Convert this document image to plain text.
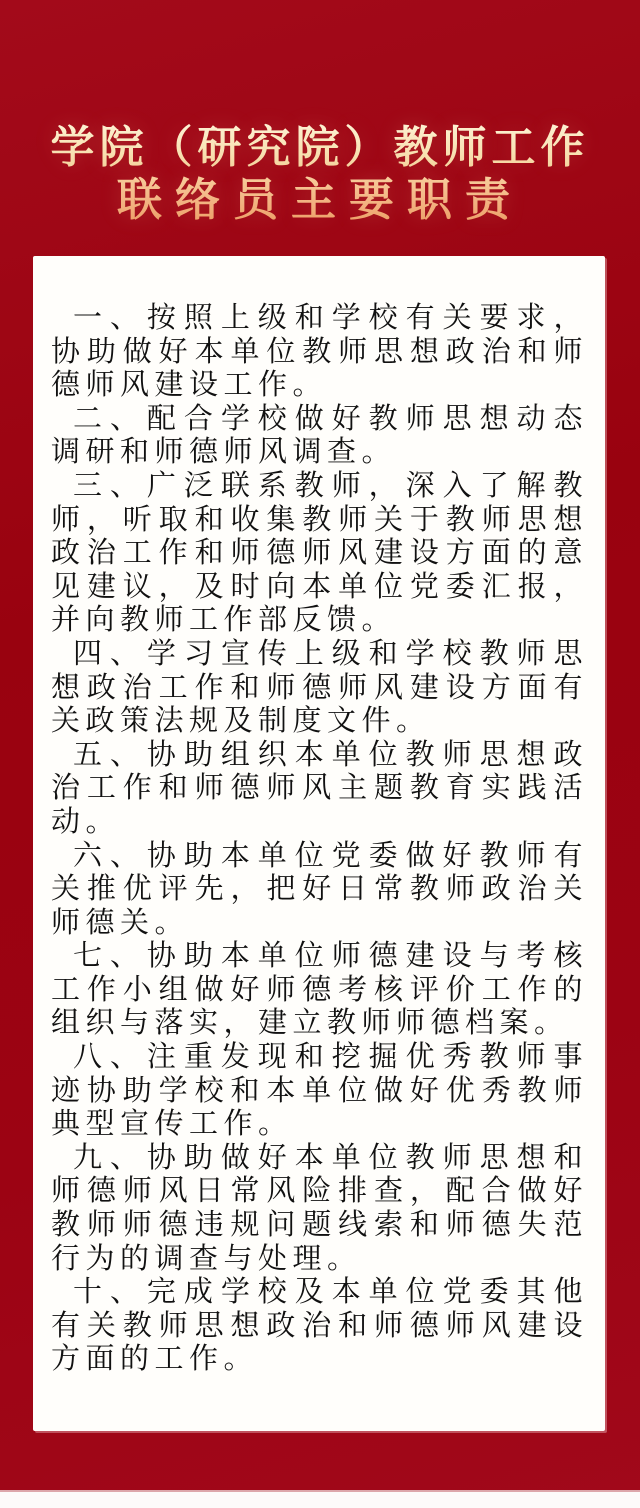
学院（研究院）教师工作
联络员主要职责

一、按照上级和学校有关要求，协助做好本单位教师思想政治和师德师风建设工作。

二、配合学校做好教师思想动态调研和师德师风调查。

三、广泛联系教师，深入了解教师，听取和收集教师关于教师思想政治工作和师德师风建设方面的意见建议，及时向本单位党委汇报，并向教师工作部反馈。

四、学习宣传上级和学校教师思想政治工作和师德师风建设方面有关政策法规及制度文件。

五、协助组织本单位教师思想政治工作和师德师风主题教育实践活动。

六、协助本单位党委做好教师有关推优评先，把好日常教师政治关师德关。

七、协助本单位师德建设与考核工作小组做好师德考核评价工作的组织与落实，建立教师师德档案。

八、注重发现和挖掘优秀教师事迹协助学校和本单位做好优秀教师典型宣传工作。

九、协助做好本单位教师思想和师德师风日常风险排查，配合做好教师师德违规问题线索和师德失范行为的调查与处理。

十、完成学校及本单位党委其他有关教师思想政治和师德师风建设方面的工作。
